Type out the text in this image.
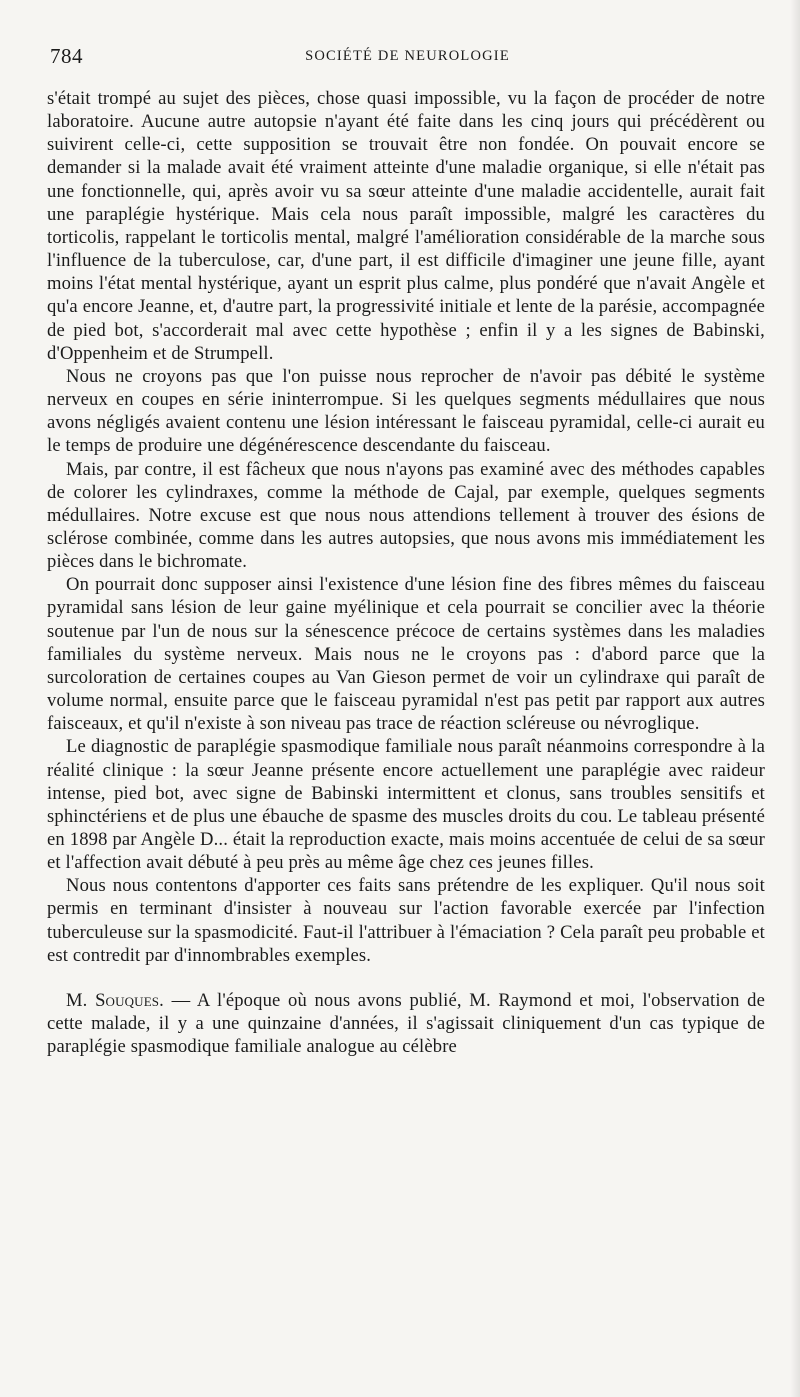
784	SOCIÉTÉ DE NEUROLOGIE

s'était trompé au sujet des pièces, chose quasi impossible, vu la façon de procéder de notre laboratoire. Aucune autre autopsie n'ayant été faite dans les cinq jours qui précédèrent ou suivirent celle-ci, cette supposition se trouvait être non fondée. On pouvait encore se demander si la malade avait été vraiment atteinte d'une maladie organique, si elle n'était pas une fonctionnelle, qui, après avoir vu sa sœur atteinte d'une maladie accidentelle, aurait fait une paraplégie hystérique. Mais cela nous paraît impossible, malgré les caractères du torticolis, rappelant le torticolis mental, malgré l'amélioration considérable de la marche sous l'influence de la tuberculose, car, d'une part, il est difficile d'imaginer une jeune fille, ayant moins l'état mental hystérique, ayant un esprit plus calme, plus pondéré que n'avait Angèle et qu'a encore Jeanne, et, d'autre part, la progressivité initiale et lente de la parésie, accompagnée de pied bot, s'accorderait mal avec cette hypothèse ; enfin il y a les signes de Babinski, d'Oppenheim et de Strumpell.

Nous ne croyons pas que l'on puisse nous reprocher de n'avoir pas débité le système nerveux en coupes en série ininterrompue. Si les quelques segments médullaires que nous avons négligés avaient contenu une lésion intéressant le faisceau pyramidal, celle-ci aurait eu le temps de produire une dégénérescence descendante du faisceau.

Mais, par contre, il est fâcheux que nous n'ayons pas examiné avec des méthodes capables de colorer les cylindraxes, comme la méthode de Cajal, par exemple, quelques segments médullaires. Notre excuse est que nous nous attendions tellement à trouver des ésions de sclérose combinée, comme dans les autres autopsies, que nous avons mis immédiatement les pièces dans le bichromate.

On pourrait donc supposer ainsi l'existence d'une lésion fine des fibres mêmes du faisceau pyramidal sans lésion de leur gaine myélinique et cela pourrait se concilier avec la théorie soutenue par l'un de nous sur la sénescence précoce de certains systèmes dans les maladies familiales du système nerveux. Mais nous ne le croyons pas : d'abord parce que la surcoloration de certaines coupes au Van Gieson permet de voir un cylindraxe qui paraît de volume normal, ensuite parce que le faisceau pyramidal n'est pas petit par rapport aux autres faisceaux, et qu'il n'existe à son niveau pas trace de réaction scléreuse ou névroglique.

Le diagnostic de paraplégie spasmodique familiale nous paraît néanmoins correspondre à la réalité clinique : la sœur Jeanne présente encore actuellement une paraplégie avec raideur intense, pied bot, avec signe de Babinski intermittent et clonus, sans troubles sensitifs et sphinctériens et de plus une ébauche de spasme des muscles droits du cou. Le tableau présenté en 1898 par Angèle D... était la reproduction exacte, mais moins accentuée de celui de sa sœur et l'affection avait débuté à peu près au même âge chez ces jeunes filles.

Nous nous contentons d'apporter ces faits sans prétendre de les expliquer. Qu'il nous soit permis en terminant d'insister à nouveau sur l'action favorable exercée par l'infection tuberculeuse sur la spasmodicité. Faut-il l'attribuer à l'émaciation ? Cela paraît peu probable et est contredit par d'innombrables exemples.

M. Souques. — A l'époque où nous avons publié, M. Raymond et moi, l'observation de cette malade, il y a une quinzaine d'années, il s'agissait cliniquement d'un cas typique de paraplégie spasmodique familiale analogue au célèbre
